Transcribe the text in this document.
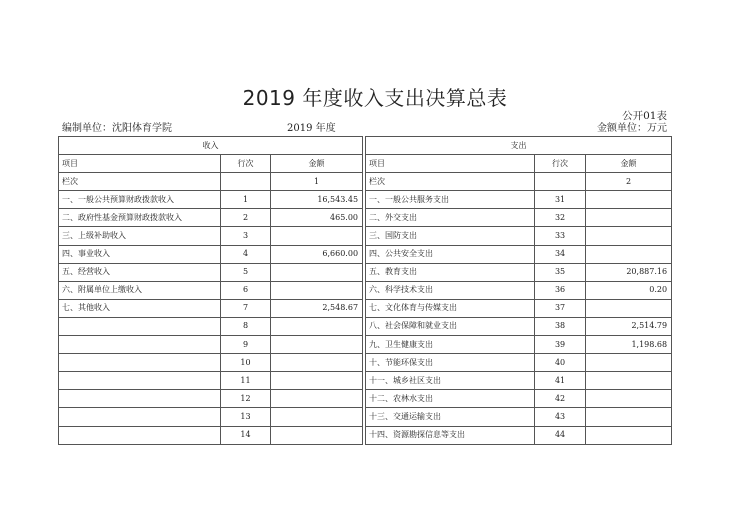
2019 年度收入支出决算总表
公开01表
编制单位：沈阳体育学院	2019 年度	金额单位：万元
收入				支出		
项目	行次	金额		项目	行次	金额
栏次		1		栏次		2
一、一般公共预算财政拨款收入	1	16,543.45		一、一般公共服务支出	31	
二、政府性基金预算财政拨款收入	2	465.00		二、外交支出	32	
三、上级补助收入	3			三、国防支出	33	
四、事业收入	4	6,660.00		四、公共安全支出	34	
五、经营收入	5			五、教育支出	35	20,887.16
六、附属单位上缴收入	6			六、科学技术支出	36	0.20
七、其他收入	7	2,548.67		七、文化体育与传媒支出	37	
	8			八、社会保障和就业支出	38	2,514.79
	9			九、卫生健康支出	39	1,198.68
	10			十、节能环保支出	40	
	11			十一、城乡社区支出	41	
	12			十二、农林水支出	42	
	13			十三、交通运输支出	43	
	14			十四、资源勘探信息等支出	44	
